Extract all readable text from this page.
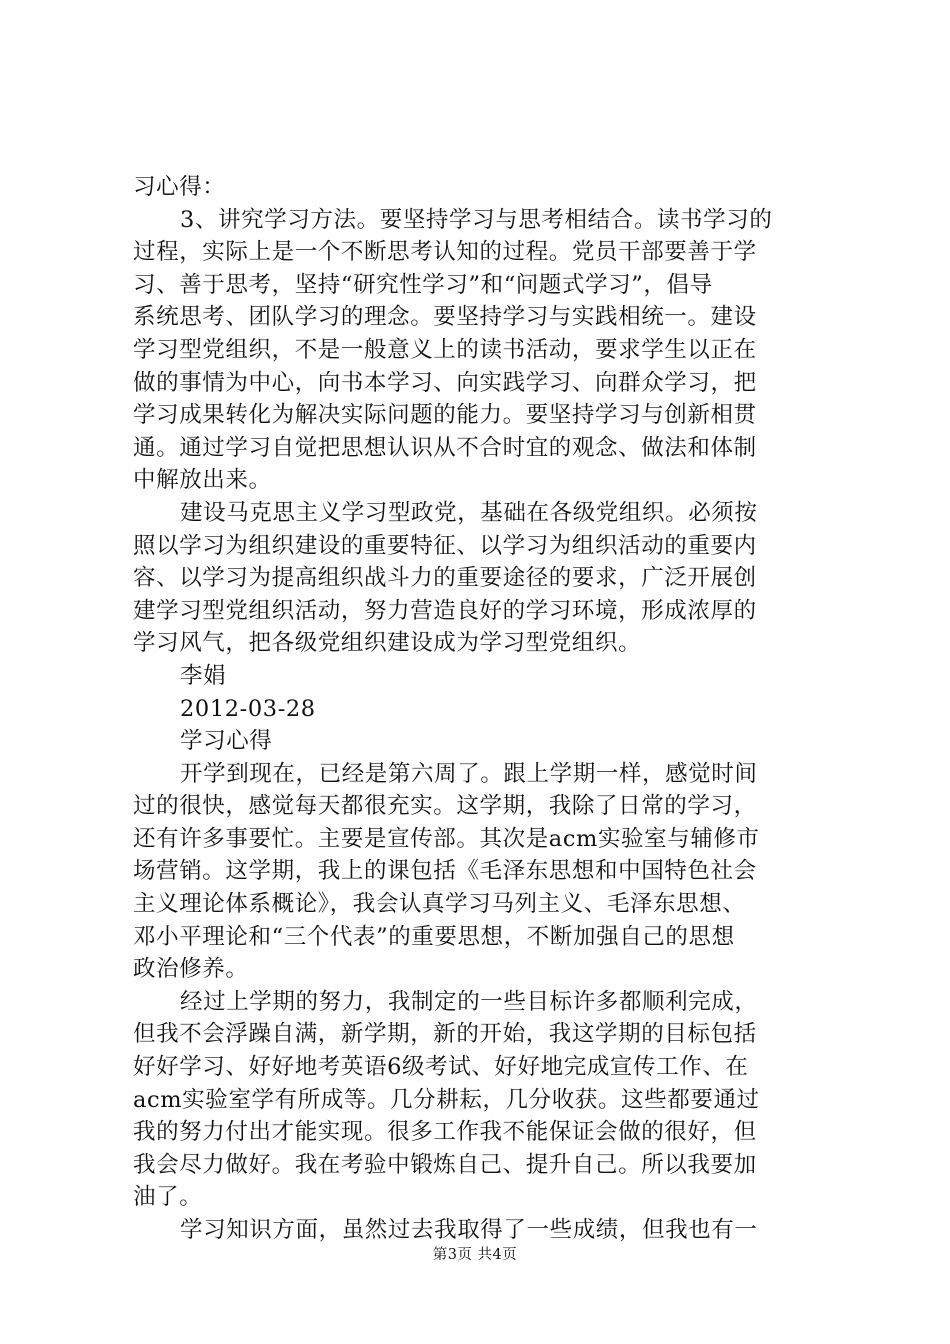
习心得：
3、讲究学习方法。要坚持学习与思考相结合。读书学习的
过程，实际上是一个不断思考认知的过程。党员干部要善于学
习、善于思考，坚持“研究性学习”和“问题式学习”，倡导
系统思考、团队学习的理念。要坚持学习与实践相统一。建设
学习型党组织，不是一般意义上的读书活动，要求学生以正在
做的事情为中心，向书本学习、向实践学习、向群众学习，把
学习成果转化为解决实际问题的能力。要坚持学习与创新相贯
通。通过学习自觉把思想认识从不合时宜的观念、做法和体制
中解放出来。
建设马克思主义学习型政党，基础在各级党组织。必须按
照以学习为组织建设的重要特征、以学习为组织活动的重要内
容、以学习为提高组织战斗力的重要途径的要求，广泛开展创
建学习型党组织活动，努力营造良好的学习环境，形成浓厚的
学习风气，把各级党组织建设成为学习型党组织。
李娟
2012-03-28
学习心得
开学到现在，已经是第六周了。跟上学期一样，感觉时间
过的很快，感觉每天都很充实。这学期，我除了日常的学习，
还有许多事要忙。主要是宣传部。其次是acm实验室与辅修市
场营销。这学期，我上的课包括《毛泽东思想和中国特色社会
主义理论体系概论》，我会认真学习马列主义、毛泽东思想、
邓小平理论和“三个代表”的重要思想，不断加强自己的思想
政治修养。
经过上学期的努力，我制定的一些目标许多都顺利完成，
但我不会浮躁自满，新学期，新的开始，我这学期的目标包括
好好学习、好好地考英语6级考试、好好地完成宣传工作、在
acm实验室学有所成等。几分耕耘，几分收获。这些都要通过
我的努力付出才能实现。很多工作我不能保证会做的很好，但
我会尽力做好。我在考验中锻炼自己、提升自己。所以我要加
油了。
学习知识方面，虽然过去我取得了一些成绩，但我也有一
第3页 共4页
